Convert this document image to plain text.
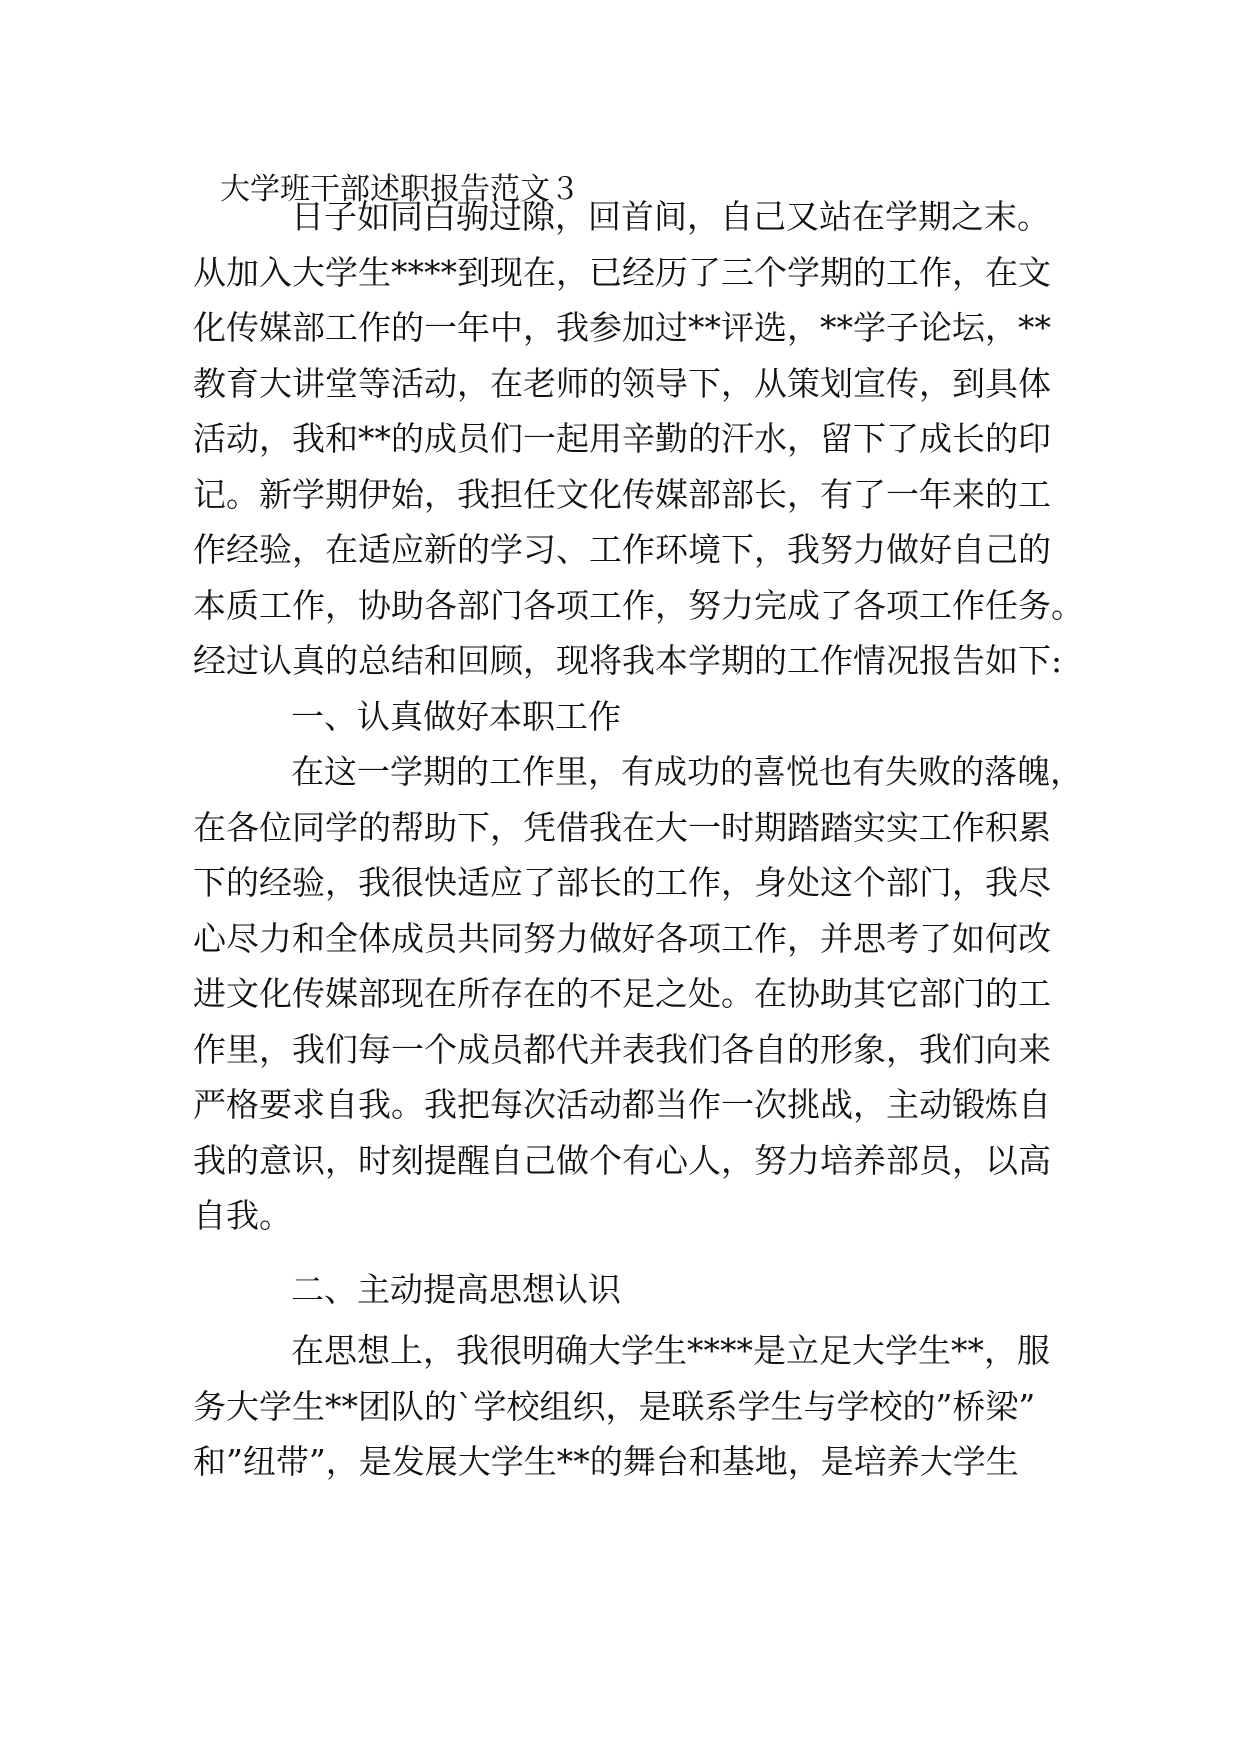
大学班干部述职报告范文３
日子如同白驹过隙，回首间，自己又站在学期之末。
从加入大学生****到现在，已经历了三个学期的工作，在文
化传媒部工作的一年中，我参加过**评选，**学子论坛，**
教育大讲堂等活动，在老师的领导下，从策划宣传，到具体
活动，我和**的成员们一起用辛勤的汗水，留下了成长的印
记。新学期伊始，我担任文化传媒部部长，有了一年来的工
作经验，在适应新的学习、工作环境下，我努力做好自己的
本质工作，协助各部门各项工作，努力完成了各项工作任务。
经过认真的总结和回顾，现将我本学期的工作情况报告如下:
一、认真做好本职工作
在这一学期的工作里，有成功的喜悦也有失败的落魄，
在各位同学的帮助下，凭借我在大一时期踏踏实实工作积累
下的经验，我很快适应了部长的工作，身处这个部门，我尽
心尽力和全体成员共同努力做好各项工作，并思考了如何改
进文化传媒部现在所存在的不足之处。在协助其它部门的工
作里，我们每一个成员都代并表我们各自的形象，我们向来
严格要求自我。我把每次活动都当作一次挑战，主动锻炼自
我的意识，时刻提醒自己做个有心人，努力培养部员，以高
自我。
二、主动提高思想认识
在思想上，我很明确大学生****是立足大学生**，服
务大学生**团队的`学校组织，是联系学生与学校的”桥梁”
和”纽带”，是发展大学生**的舞台和基地，是培养大学生
